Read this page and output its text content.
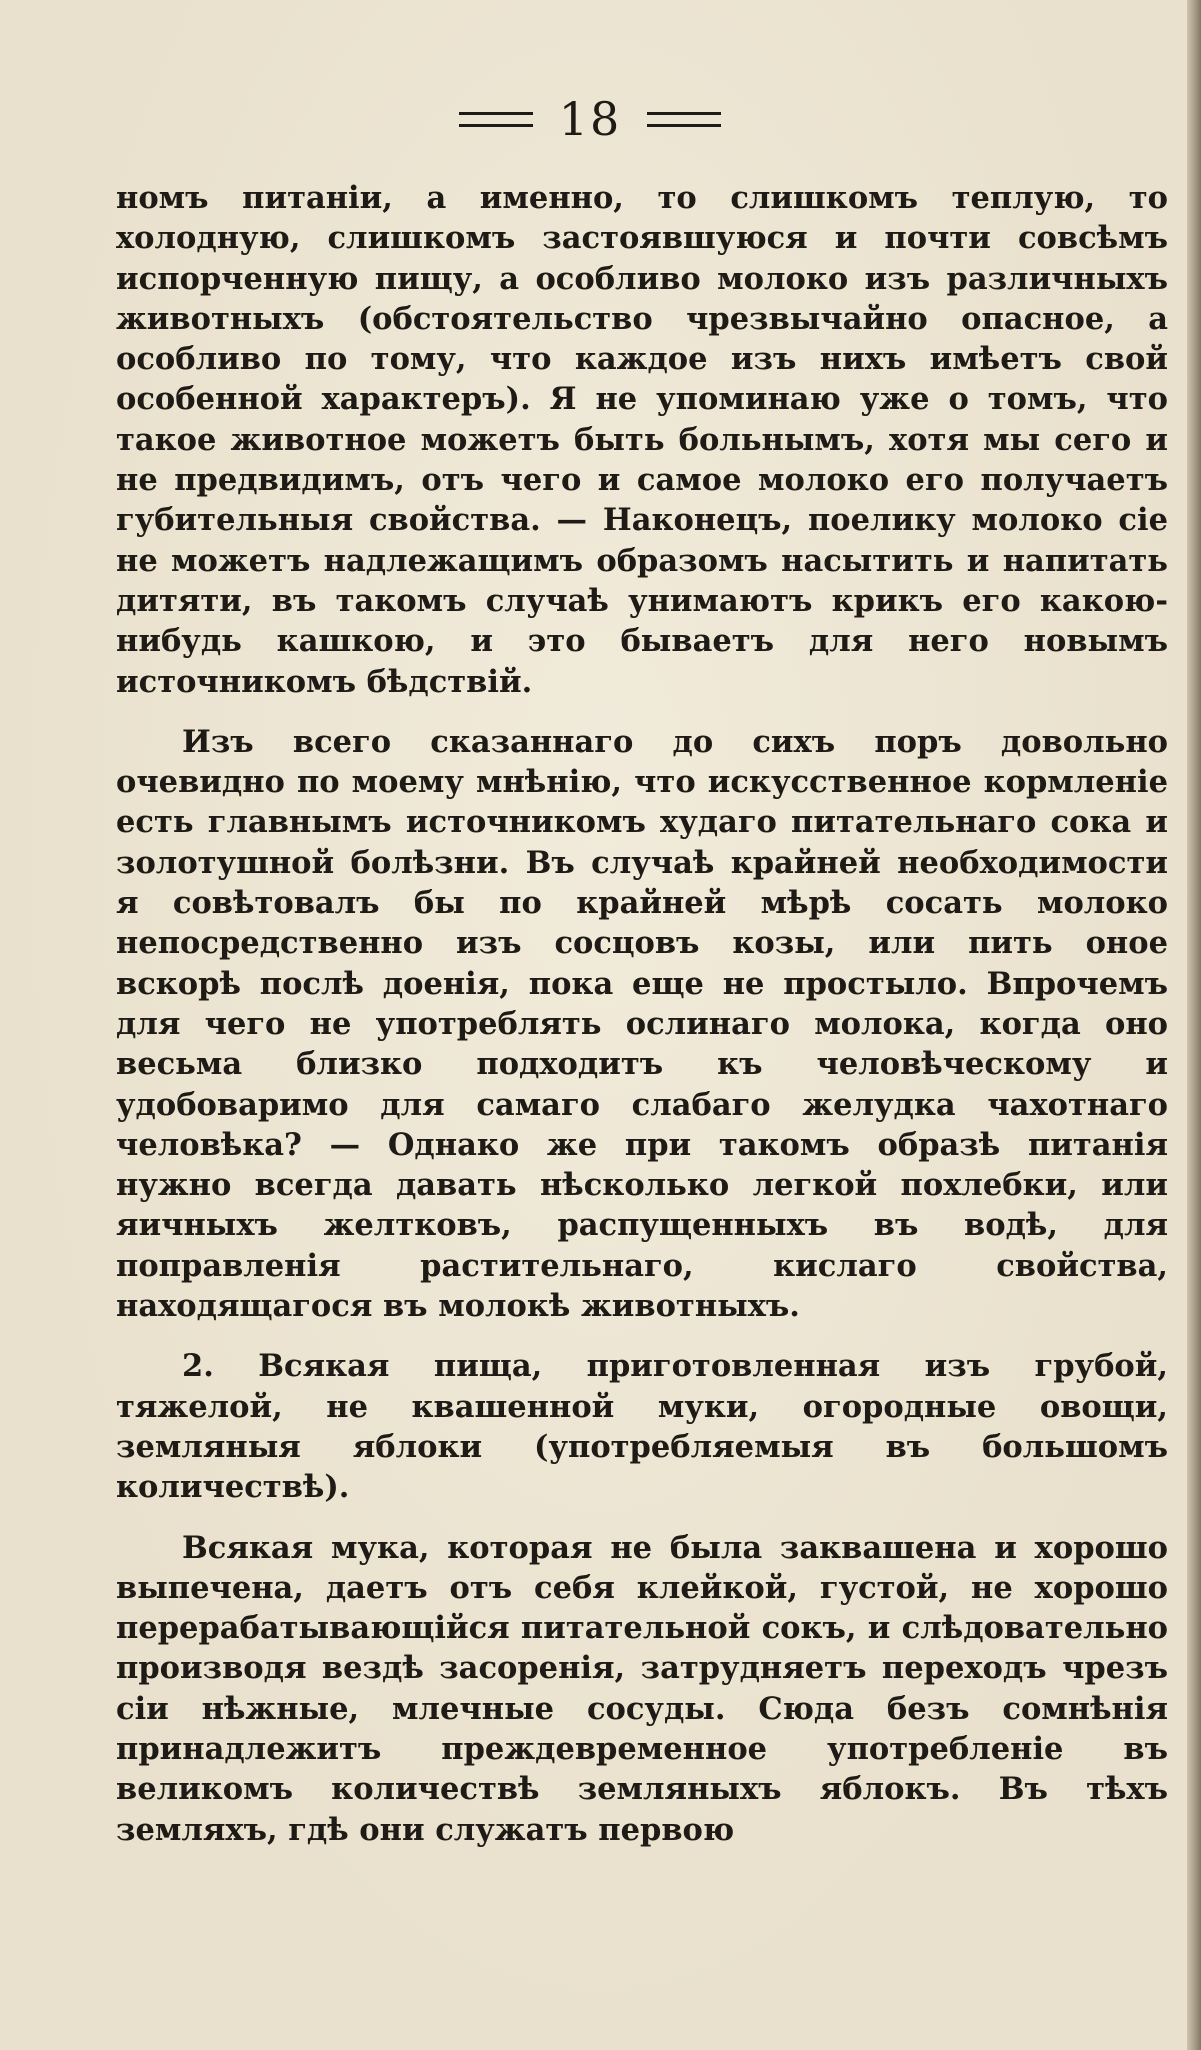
18

номъ питаніи, а именно, то слишкомъ теплую, то холодную, слишкомъ застоявшуюся и почти совсѣмъ испорченную пищу, а особливо молоко изъ различныхъ животныхъ (обстоятельство чрезвычайно опасное, а особливо по тому, что каждое изъ нихъ имѣетъ свой особенной характеръ). Я не упоминаю уже о томъ, что такое животное можетъ быть больнымъ, хотя мы сего и не предвидимъ, отъ чего и самое молоко его получаетъ губительныя свойства. — Наконецъ, поелику молоко сіе не можетъ надлежащимъ образомъ насытить и напитать дитяти, въ такомъ случаѣ унимаютъ крикъ его какою-нибудь кашкою, и это бываетъ для него новымъ источникомъ бѣдствій.

Изъ всего сказаннаго до сихъ поръ довольно очевидно по моему мнѣнію, что искусственное кормленіе есть главнымъ источникомъ худаго питательнаго сока и золотушной болѣзни. Въ случаѣ крайней необходимости я совѣтовалъ бы по крайней мѣрѣ сосать молоко непосредственно изъ сосцовъ козы, или пить оное вскорѣ послѣ доенія, пока еще не простыло. Впрочемъ для чего не употреблять ослинаго молока, когда оно весьма близко подходитъ къ человѣческому и удобоваримо для самаго слабаго желудка чахотнаго человѣка? — Однако же при такомъ образѣ питанія нужно всегда давать нѣсколько легкой похлебки, или яичныхъ желтковъ, распущенныхъ въ водѣ, для поправленія растительнаго, кислаго свойства, находящагося въ молокѣ животныхъ.

2. Всякая пища, приготовленная изъ грубой, тяжелой, не квашенной муки, огородные овощи, земляныя яблоки (употребляемыя въ большомъ количествѣ).

Всякая мука, которая не была заквашена и хорошо выпечена, даетъ отъ себя клейкой, густой, не хорошо перерабатывающійся питательной сокъ, и слѣдовательно производя вездѣ засоренія, затрудняетъ переходъ чрезъ сіи нѣжные, млечные сосуды. Сюда безъ сомнѣнія принадлежитъ преждевременное употребленіе въ великомъ количествѣ земляныхъ яблокъ. Въ тѣхъ земляхъ, гдѣ они служатъ первою
